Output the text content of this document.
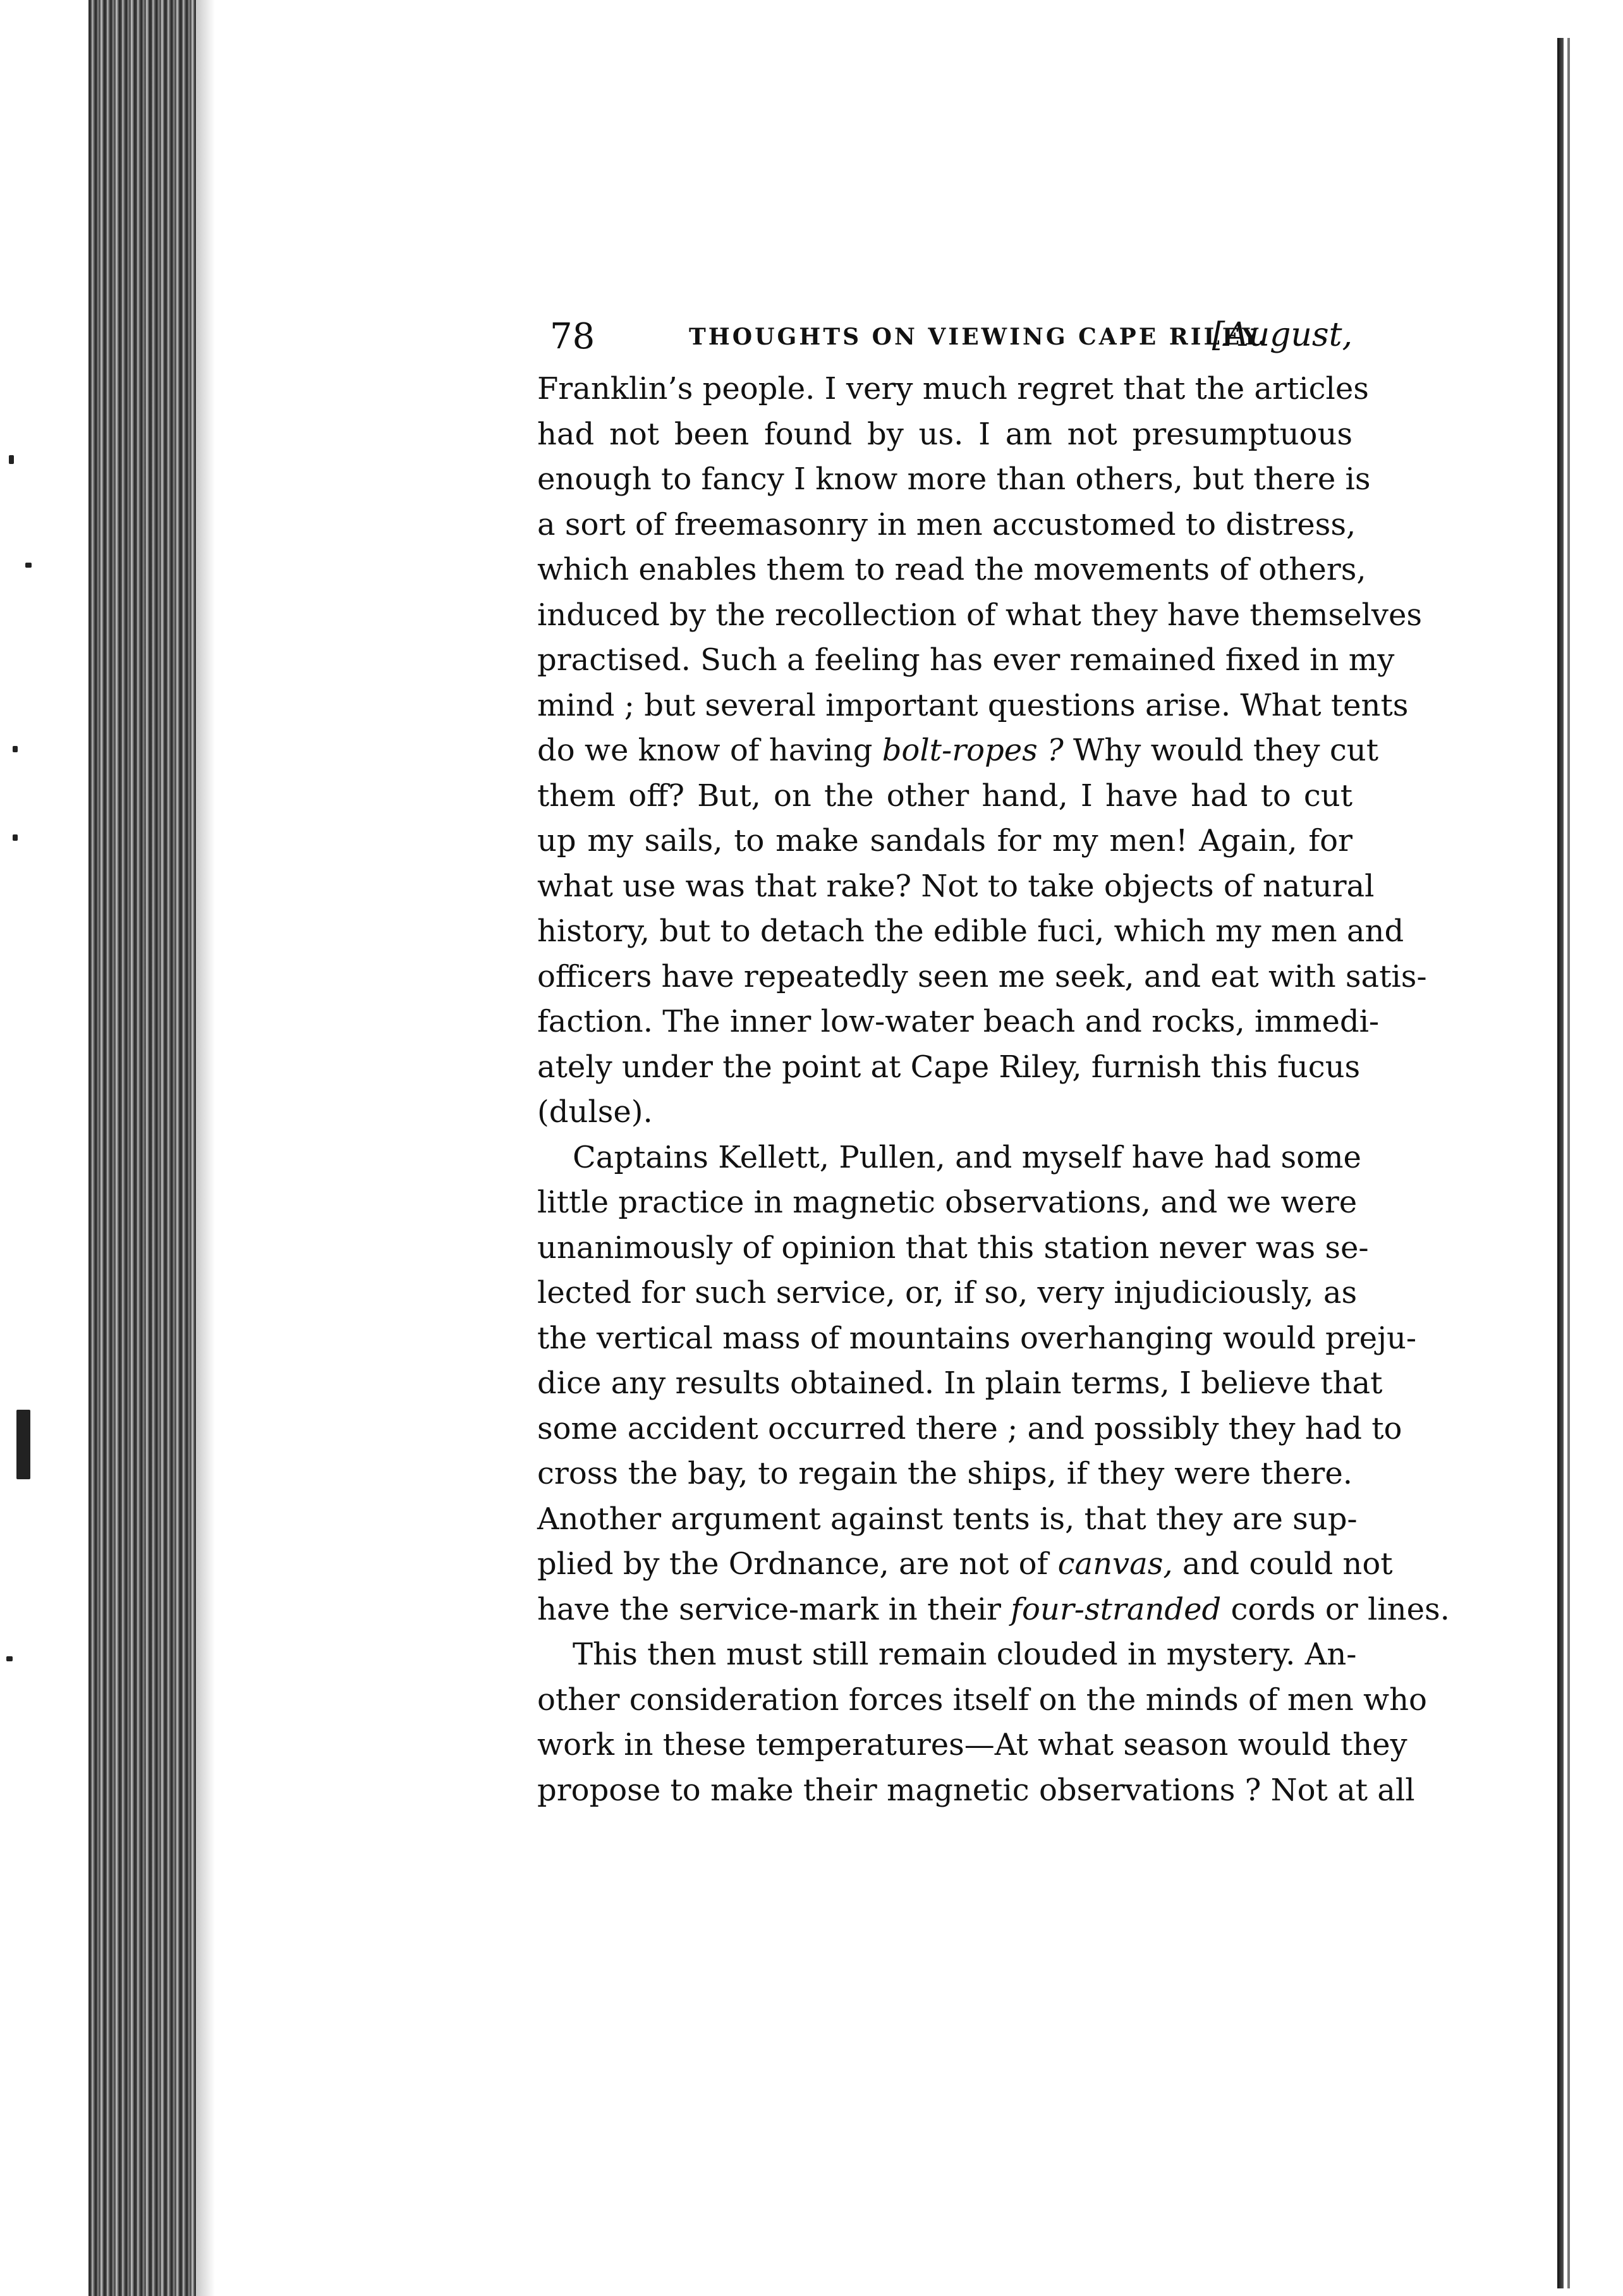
78	THOUGHTS ON VIEWING CAPE RILEY.
[August,

Franklin’s people. I very much regret that the articles
had not been found by us. I am not presumptuous
enough to fancy I know more than others, but there is
a sort of freemasonry in men accustomed to distress,
which enables them to read the movements of others,
induced by the recollection of what they have themselves
practised. Such a feeling has ever remained fixed in my
mind ; but several important questions arise. What tents
do we know of having bolt-ropes ? Why would they cut
them off? But, on the other hand, I have had to cut
up my sails, to make sandals for my men! Again, for
what use was that rake? Not to take objects of natural
history, but to detach the edible fuci, which my men and
officers have repeatedly seen me seek, and eat with satis-
faction. The inner low-water beach and rocks, immedi-
ately under the point at Cape Riley, furnish this fucus
(dulse).

Captains Kellett, Pullen, and myself have had some
little practice in magnetic observations, and we were
unanimously of opinion that this station never was se-
lected for such service, or, if so, very injudiciously, as
the vertical mass of mountains overhanging would preju-
dice any results obtained. In plain terms, I believe that
some accident occurred there ; and possibly they had to
cross the bay, to regain the ships, if they were there.
Another argument against tents is, that they are sup-
plied by the Ordnance, are not of canvas, and could not
have the service-mark in their four-stranded cords or lines.

This then must still remain clouded in mystery. An-
other consideration forces itself on the minds of men who
work in these temperatures—At what season would they
propose to make their magnetic observations ? Not at all
